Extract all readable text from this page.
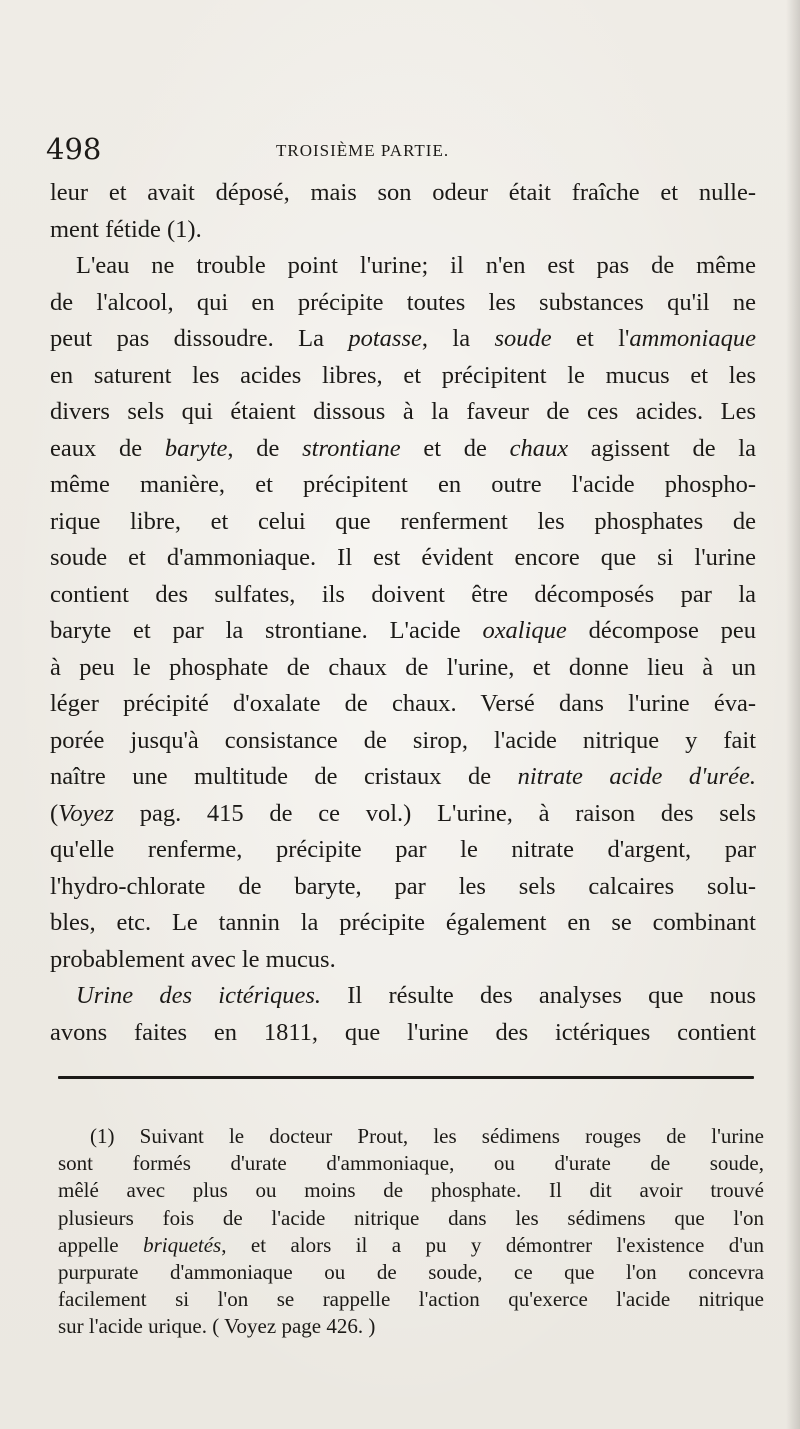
498	TROISIÈME PARTIE.
leur et avait déposé, mais son odeur était fraîche et nulle-
ment fétide (1).
L'eau ne trouble point l'urine; il n'en est pas de même
de l'alcool, qui en précipite toutes les substances qu'il ne
peut pas dissoudre. La potasse, la soude et l'ammoniaque
en saturent les acides libres, et précipitent le mucus et les
divers sels qui étaient dissous à la faveur de ces acides. Les
eaux de baryte, de strontiane et de chaux agissent de la
même manière, et précipitent en outre l'acide phospho-
rique libre, et celui que renferment les phosphates de
soude et d'ammoniaque. Il est évident encore que si l'urine
contient des sulfates, ils doivent être décomposés par la
baryte et par la strontiane. L'acide oxalique décompose peu
à peu le phosphate de chaux de l'urine, et donne lieu à un
léger précipité d'oxalate de chaux. Versé dans l'urine éva-
porée jusqu'à consistance de sirop, l'acide nitrique y fait
naître une multitude de cristaux de nitrate acide d'urée.
(Voyez pag. 415 de ce vol.) L'urine, à raison des sels
qu'elle renferme, précipite par le nitrate d'argent, par
l'hydro-chlorate de baryte, par les sels calcaires solu-
bles, etc. Le tannin la précipite également en se combinant
probablement avec le mucus.
Urine des ictériques. Il résulte des analyses que nous
avons faites en 1811, que l'urine des ictériques contient
(1) Suivant le docteur Prout, les sédimens rouges de l'urine
sont formés d'urate d'ammoniaque, ou d'urate de soude,
mêlé avec plus ou moins de phosphate. Il dit avoir trouvé
plusieurs fois de l'acide nitrique dans les sédimens que l'on
appelle briquetés, et alors il a pu y démontrer l'existence d'un
purpurate d'ammoniaque ou de soude, ce que l'on concevra
facilement si l'on se rappelle l'action qu'exerce l'acide nitrique
sur l'acide urique. ( Voyez page 426. )
